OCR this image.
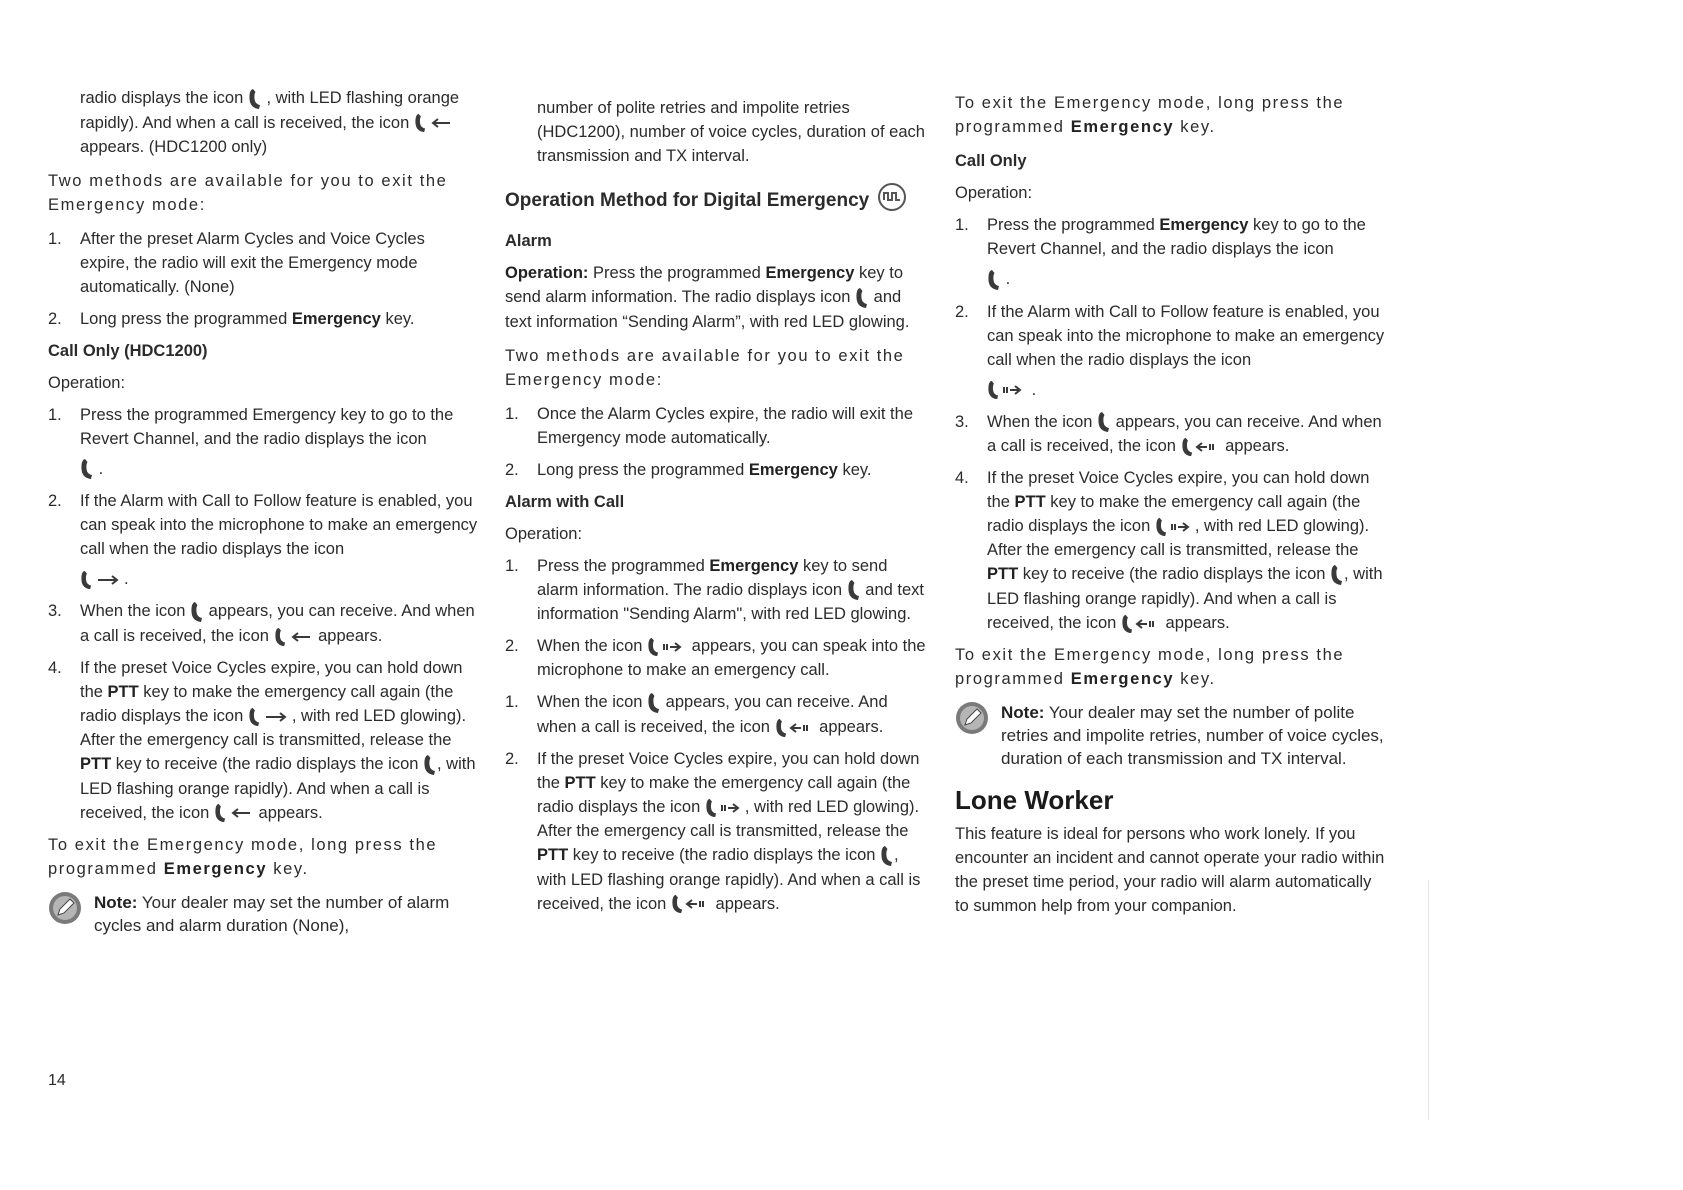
radio displays the icon , with LED flashing orange rapidly). And when a call is received, the icon
appears. (HDC1200 only)

Two methods are available for you to exit the Emergency mode:

1. After the preset Alarm Cycles and Voice Cycles expire, the radio will exit the Emergency mode automatically. (None)
2. Long press the programmed Emergency key.
Call Only (HDC1200)
Operation:
1. Press the programmed Emergency key to go to the Revert Channel, and the radio displays the icon
.
2. If the Alarm with Call to Follow feature is enabled, you can speak into the microphone to make an emergency call when the radio displays the icon
.
3. When the icon appears, you can receive. And when a call is received, the icon	appears.
4. If the preset Voice Cycles expire, you can hold down the PTT key to make the emergency call again (the radio displays the icon	, with red LED glowing). After the emergency call is transmitted, release the PTT key to receive (the radio displays the icon , with LED flashing orange rapidly). And when a call is received, the icon	appears.

To exit the Emergency mode, long press the programmed Emergency key.

Note: Your dealer may set the number of alarm cycles and alarm duration (None),

number of polite retries and impolite retries (HDC1200), number of voice cycles, duration of each transmission and TX interval.

Operation Method for Digital Emergency
Alarm

Operation: Press the programmed Emergency key to send alarm information. The radio displays icon and text information “Sending Alarm”, with red LED glowing.

Two methods are available for you to exit the Emergency mode:

1. Once the Alarm Cycles expire, the radio will exit the Emergency mode automatically.
2. Long press the programmed Emergency key.
Alarm with Call
Operation:
1. Press the programmed Emergency key to send alarm information. The radio displays icon and text information "Sending Alarm", with red LED glowing.
2. When the icon	appears, you can speak into the microphone to make an emergency call.
1. When the icon appears, you can receive. And when a call is received, the icon	appears.
2. If the preset Voice Cycles expire, you can hold down the PTT key to make the emergency call again (the radio displays the icon	, with red LED glowing). After the emergency call is transmitted, release the PTT key to receive (the radio displays the icon , with LED flashing orange rapidly). And when a call is received, the icon	appears.

To exit the Emergency mode, long press the programmed Emergency key.

Call Only
Operation:
1. Press the programmed Emergency key to go to the Revert Channel, and the radio displays the icon
.
2. If the Alarm with Call to Follow feature is enabled, you can speak into the microphone to make an emergency call when the radio displays the icon
.
3. When the icon appears, you can receive. And when a call is received, the icon	appears.
4. If the preset Voice Cycles expire, you can hold down the PTT key to make the emergency call again (the radio displays the icon	, with red LED glowing). After the emergency call is transmitted, release the PTT key to receive (the radio displays the icon , with LED flashing orange rapidly). And when a call is received, the icon	appears.

To exit the Emergency mode, long press the programmed Emergency key.

Note: Your dealer may set the number of polite retries and impolite retries, number of voice cycles, duration of each transmission and TX interval.
Lone Worker

This feature is ideal for persons who work lonely. If you encounter an incident and cannot operate your radio within the preset time period, your radio will alarm automatically to summon help from your companion.

14
